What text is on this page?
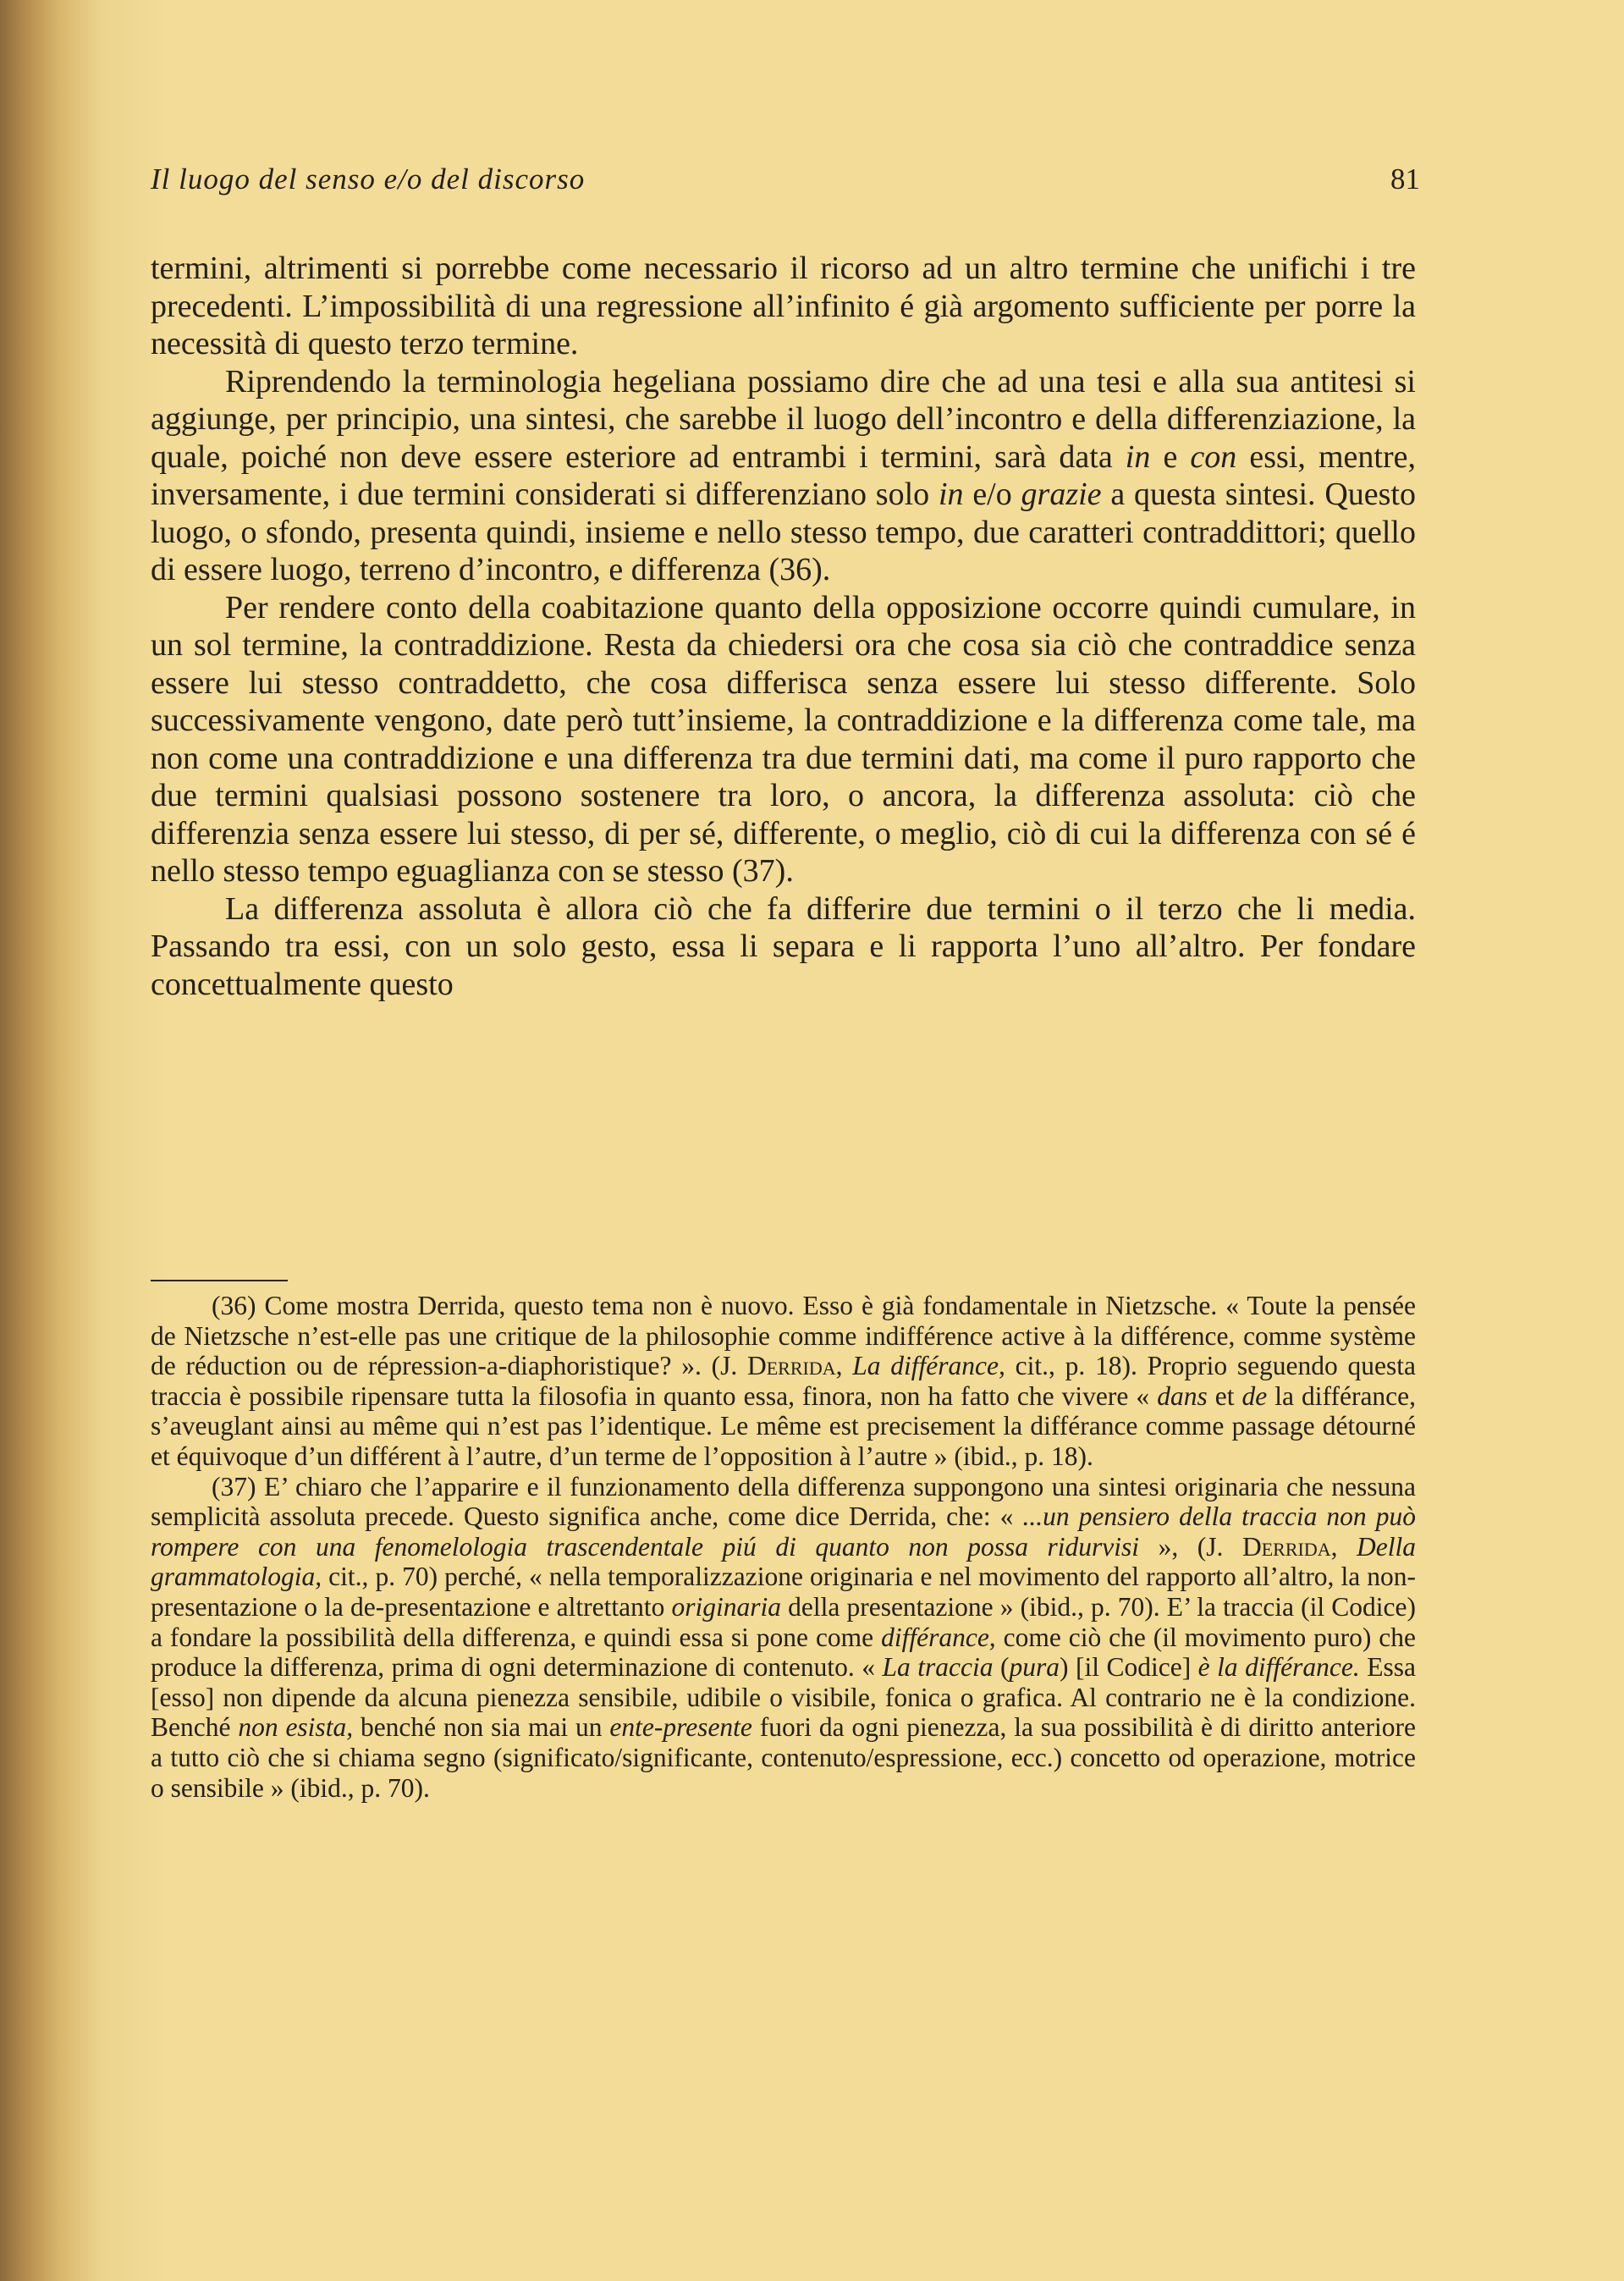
Il luogo del senso e/o del discorso	81

termini, altrimenti si porrebbe come necessario il ricorso ad un altro termine che unifichi i tre precedenti. L’impossibilità di una regressione all’infinito é già argomento sufficiente per porre la necessità di questo terzo termine.

Riprendendo la terminologia hegeliana possiamo dire che ad una tesi e alla sua antitesi si aggiunge, per principio, una sintesi, che sarebbe il luogo dell’incontro e della differenziazione, la quale, poiché non deve essere esteriore ad entrambi i termini, sarà data in e con essi, mentre, inversamente, i due termini considerati si differenziano solo in e/o grazie a questa sintesi. Questo luogo, o sfondo, presenta quindi, insieme e nello stesso tempo, due caratteri contraddittori; quello di essere luogo, terreno d’incontro, e differenza (36).

Per rendere conto della coabitazione quanto della opposizione occorre quindi cumulare, in un sol termine, la contraddizione. Resta da chiedersi ora che cosa sia ciò che contraddice senza essere lui stesso contraddetto, che cosa differisca senza essere lui stesso differente. Solo successivamente vengono, date però tutt’insieme, la contraddizione e la differenza come tale, ma non come una contraddizione e una differenza tra due termini dati, ma come il puro rapporto che due termini qualsiasi possono sostenere tra loro, o ancora, la differenza assoluta: ciò che differenzia senza essere lui stesso, di per sé, differente, o meglio, ciò di cui la differenza con sé é nello stesso tempo eguaglianza con se stesso (37).

La differenza assoluta è allora ciò che fa differire due termini o il terzo che li media. Passando tra essi, con un solo gesto, essa li separa e li rapporta l’uno all’altro. Per fondare concettualmente questo

(36) Come mostra Derrida, questo tema non è nuovo. Esso è già fondamentale in Nietzsche. « Toute la pensée de Nietzsche n’est-elle pas une critique de la philosophie comme indifférence active à la différence, comme système de réduction ou de répression-a-diaphoristique? ». (J. Derrida, La différance, cit., p. 18). Proprio seguendo questa traccia è possibile ripensare tutta la filosofia in quanto essa, finora, non ha fatto che vivere « dans et de la différance, s’aveuglant ainsi au même qui n’est pas l’identique. Le même est precisement la différance comme passage détourné et équivoque d’un différent à l’autre, d’un terme de l’opposition à l’autre » (ibid., p. 18).

(37) E’ chiaro che l’apparire e il funzionamento della differenza suppongono una sintesi originaria che nessuna semplicità assoluta precede. Questo significa anche, come dice Derrida, che: « ...un pensiero della traccia non può rompere con una fenomelologia trascendentale piú di quanto non possa ridurvisi », (J. Derrida, Della grammatologia, cit., p. 70) perché, « nella temporalizzazione originaria e nel movimento del rapporto all’altro, la non-presentazione o la de-presentazione e altrettanto originaria della presentazione » (ibid., p. 70). E’ la traccia (il Codice) a fondare la possibilità della differenza, e quindi essa si pone come différance, come ciò che (il movimento puro) che produce la differenza, prima di ogni determinazione di contenuto. « La traccia (pura) [il Codice] è la différance. Essa [esso] non dipende da alcuna pienezza sensibile, udibile o visibile, fonica o grafica. Al contrario ne è la condizione. Benché non esista, benché non sia mai un ente-presente fuori da ogni pienezza, la sua possibilità è di diritto anteriore a tutto ciò che si chiama segno (significato/significante, contenuto/espressione, ecc.) concetto od operazione, motrice o sensibile » (ibid., p. 70).
